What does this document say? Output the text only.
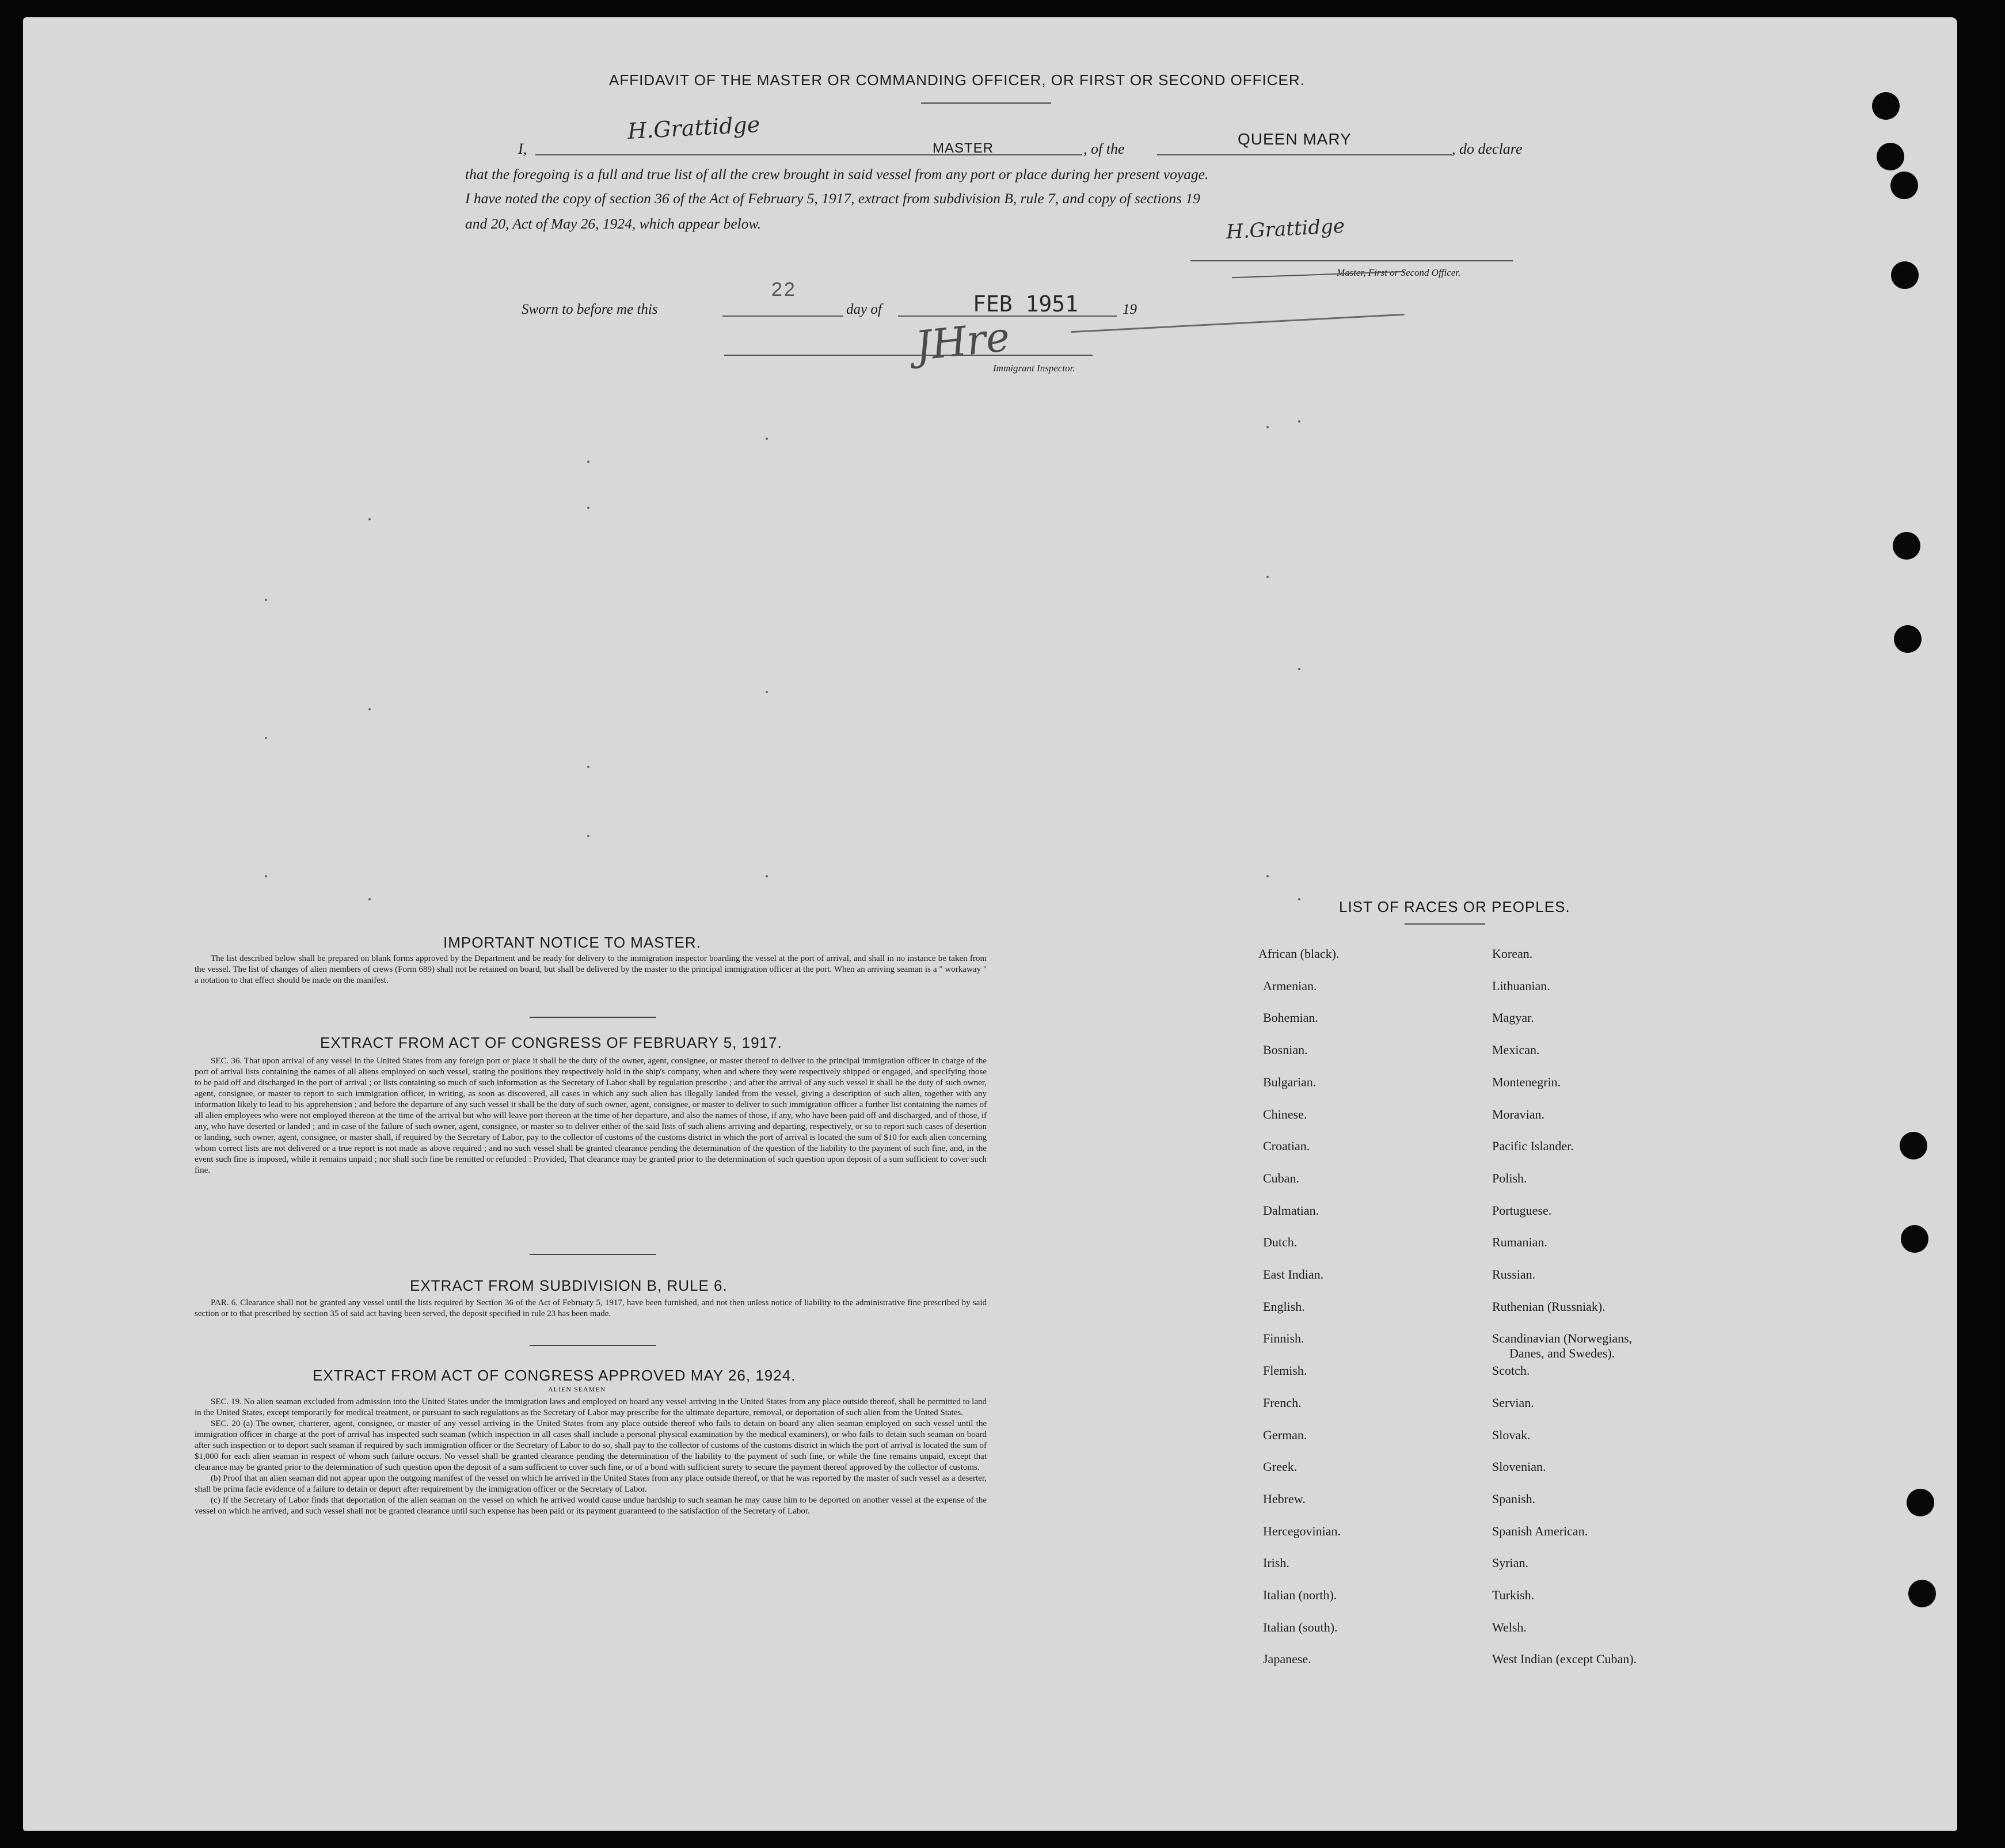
AFFIDAVIT OF THE MASTER OR COMMANDING OFFICER, OR FIRST OR SECOND OFFICER.
I,
H.Grattidge
MASTER	, of the
QUEEN MARY
, do declare
that the foregoing is a full and true list of all the crew brought in said vessel from any port or place during her present voyage.
I have noted the copy of section 36 of the Act of February 5, 1917, extract from subdivision B, rule 7, and copy of sections 19
and 20, Act of May 26, 1924, which appear below.	H.Grattidge
Master, First or Second Officer.
Sworn to before me this
22
day of	FEB 1951	19
JHre
Immigrant Inspector.
IMPORTANT NOTICE TO MASTER.

The list described below shall be prepared on blank forms approved by the Department and be ready for delivery to the immigration inspector boarding the vessel at the port of arrival, and shall in no instance be taken from the vessel. The list of changes of alien members of crews (Form 689) shall not be retained on board, but shall be delivered by the master to the principal immigration officer at the port. When an arriving seaman is a " workaway " a notation to that effect should be made on the manifest.

EXTRACT FROM ACT OF CONGRESS OF FEBRUARY 5, 1917.

SEC. 36. That upon arrival of any vessel in the United States from any foreign port or place it shall be the duty of the owner, agent, consignee, or master thereof to deliver to the principal immigration officer in charge of the port of arrival lists containing the names of all aliens employed on such vessel, stating the positions they respectively hold in the ship's company, when and where they were respectively shipped or engaged, and specifying those to be paid off and discharged in the port of arrival ; or lists containing so much of such information as the Secretary of Labor shall by regulation prescribe ; and after the arrival of any such vessel it shall be the duty of such owner, agent, consignee, or master to report to such immigration officer, in writing, as soon as discovered, all cases in which any such alien has illegally landed from the vessel, giving a description of such alien, together with any information likely to lead to his apprehension ; and before the departure of any such vessel it shall be the duty of such owner, agent, consignee, or master to deliver to such immigration officer a further list containing the names of all alien employees who were not employed thereon at the time of the arrival but who will leave port thereon at the time of her departure, and also the names of those, if any, who have been paid off and discharged, and of those, if any, who have deserted or landed ; and in case of the failure of such owner, agent, consignee, or master so to deliver either of the said lists of such aliens arriving and departing, respectively, or so to report such cases of desertion or landing, such owner, agent, consignee, or master shall, if required by the Secretary of Labor, pay to the collector of customs of the customs district in which the port of arrival is located the sum of $10 for each alien concerning whom correct lists are not delivered or a true report is not made as above required ; and no such vessel shall be granted clearance pending the determination of the question of the liability to the payment of such fine, and, in the event such fine is imposed, while it remains unpaid ; nor shall such fine be remitted or refunded : Provided, That clearance may be granted prior to the determination of such question upon deposit of a sum sufficient to cover such fine.

EXTRACT FROM SUBDIVISION B, RULE 6.

PAR. 6. Clearance shall not be granted any vessel until the lists required by Section 36 of the Act of February 5, 1917, have been furnished, and not then unless notice of liability to the administrative fine prescribed by said section or to that prescribed by section 35 of said act having been served, the deposit specified in rule 23 has been made.

EXTRACT FROM ACT OF CONGRESS APPROVED MAY 26, 1924.
ALIEN SEAMEN

SEC. 19. No alien seaman excluded from admission into the United States under the immigration laws and employed on board any vessel arriving in the United States from any place outside thereof, shall be permitted to land in the United States, except temporarily for medical treatment, or pursuant to such regulations as the Secretary of Labor may prescribe for the ultimate departure, removal, or deportation of such alien from the United States.

SEC. 20 (a) The owner, charterer, agent, consignee, or master of any vessel arriving in the United States from any place outside thereof who fails to detain on board any alien seaman employed on such vessel until the immigration officer in charge at the port of arrival has inspected such seaman (which inspection in all cases shall include a personal physical examination by the medical examiners), or who fails to detain such seaman on board after such inspection or to deport such seaman if required by such immigration officer or the Secretary of Labor to do so, shall pay to the collector of customs of the customs district in which the port of arrival is located the sum of $1,000 for each alien seaman in respect of whom such failure occurs. No vessel shall be granted clearance pending the determination of the liability to the payment of such fine, or while the fine remains unpaid, except that clearance may be granted prior to the determination of such question upon the deposit of a sum sufficient to cover such fine, or of a bond with sufficient surety to secure the payment thereof approved by the collector of customs.

(b) Proof that an alien seaman did not appear upon the outgoing manifest of the vessel on which he arrived in the United States from any place outside thereof, or that he was reported by the master of such vessel as a deserter, shall be prima facie evidence of a failure to detain or deport after requirement by the immigration officer or the Secretary of Labor.

(c) If the Secretary of Labor finds that deportation of the alien seaman on the vessel on which he arrived would cause undue hardship to such seaman he may cause him to be deported on another vessel at the expense of the vessel on which he arrived, and such vessel shall not be granted clearance until such expense has been paid or its payment guaranteed to the satisfaction of the Secretary of Labor.

LIST OF RACES OR PEOPLES.
African (black).
Armenian.
Bohemian.
Bosnian.
Bulgarian.
Chinese.
Croatian.
Cuban.
Dalmatian.
Dutch.
East Indian.
English.
Finnish.
Flemish.
French.
German.
Greek.
Hebrew.
Hercegovinian.
Irish.
Italian (north).
Italian (south).
Japanese.
Korean.
Lithuanian.
Magyar.
Mexican.
Montenegrin.
Moravian.
Pacific Islander.
Polish.
Portuguese.
Rumanian.
Russian.
Ruthenian (Russniak).
Scandinavian (Norwegians,
Scotch.
Servian.
Slovak.
Slovenian.
Spanish.
Spanish American.
Syrian.
Turkish.
Welsh.
West Indian (except Cuban).
Danes, and Swedes).
